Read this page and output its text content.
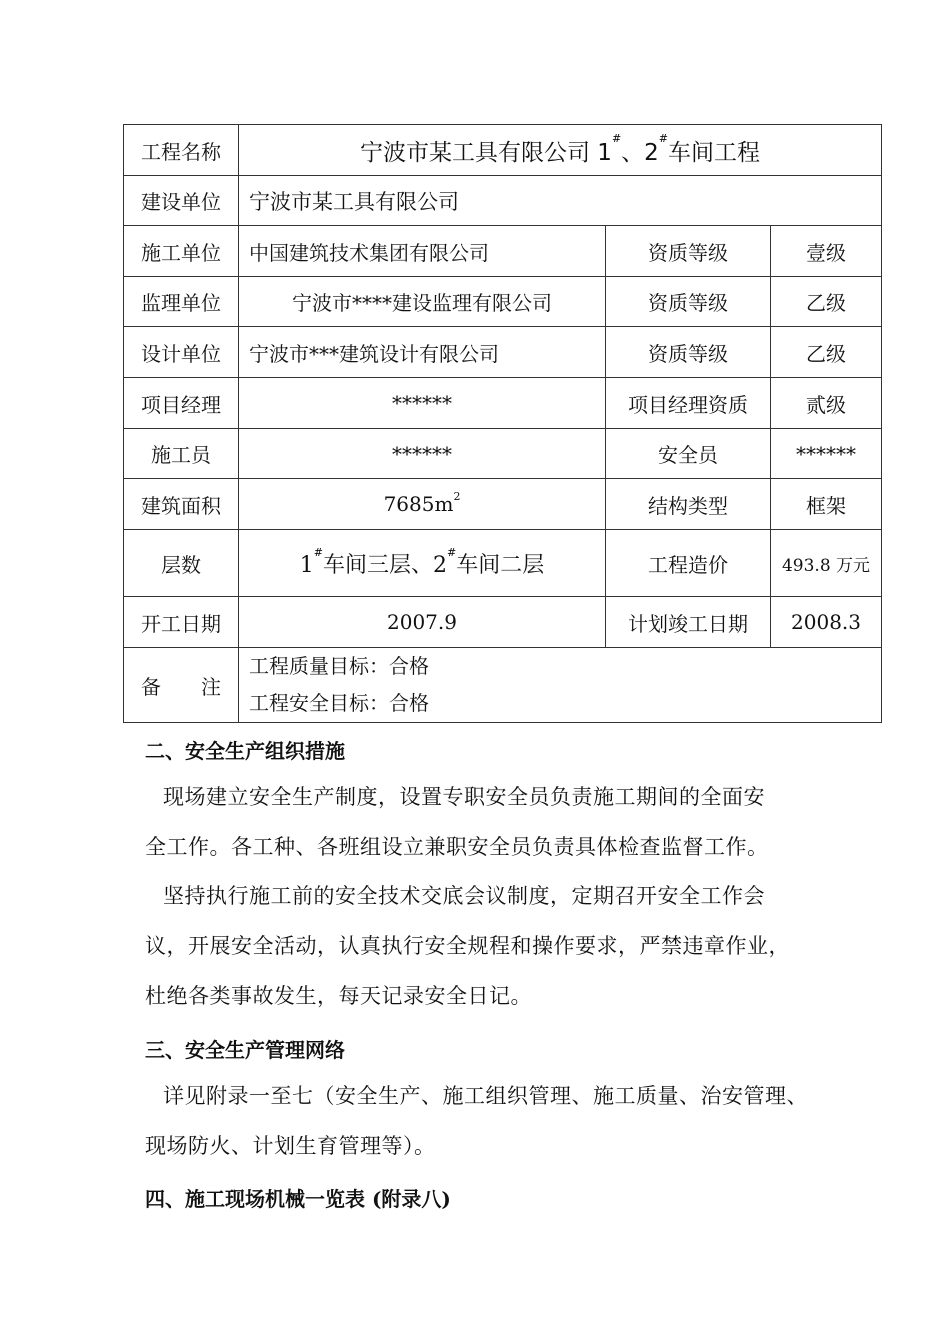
工程名称	宁波市某工具有限公司 1#、2#车间工程		
建设单位	宁波市某工具有限公司		
施工单位	中国建筑技术集团有限公司	资质等级	壹级
监理单位	宁波市****建设监理有限公司	资质等级	乙级
设计单位	宁波市***建筑设计有限公司	资质等级	乙级
项目经理	******	项目经理资质	贰级
施工员	******	安全员	******
建筑面积	$7685m^2$	结构类型	框架
层数	1#车间三层、2#车间二层	工程造价	493.8 万元
开工日期	2007.9	计划竣工日期	2008.3
备　　注	工程质量目标：合格
工程安全目标：合格		
二、安全生产组织措施
现场建立安全生产制度，设置专职安全员负责施工期间的全面安
全工作。各工种、各班组设立兼职安全员负责具体检查监督工作。
坚持执行施工前的安全技术交底会议制度，定期召开安全工作会
议，开展安全活动，认真执行安全规程和操作要求，严禁违章作业，
杜绝各类事故发生，每天记录安全日记。
三、安全生产管理网络
详见附录一至七（安全生产、施工组织管理、施工质量、治安管理、
现场防火、计划生育管理等）。
四、施工现场机械一览表 (附录八)
